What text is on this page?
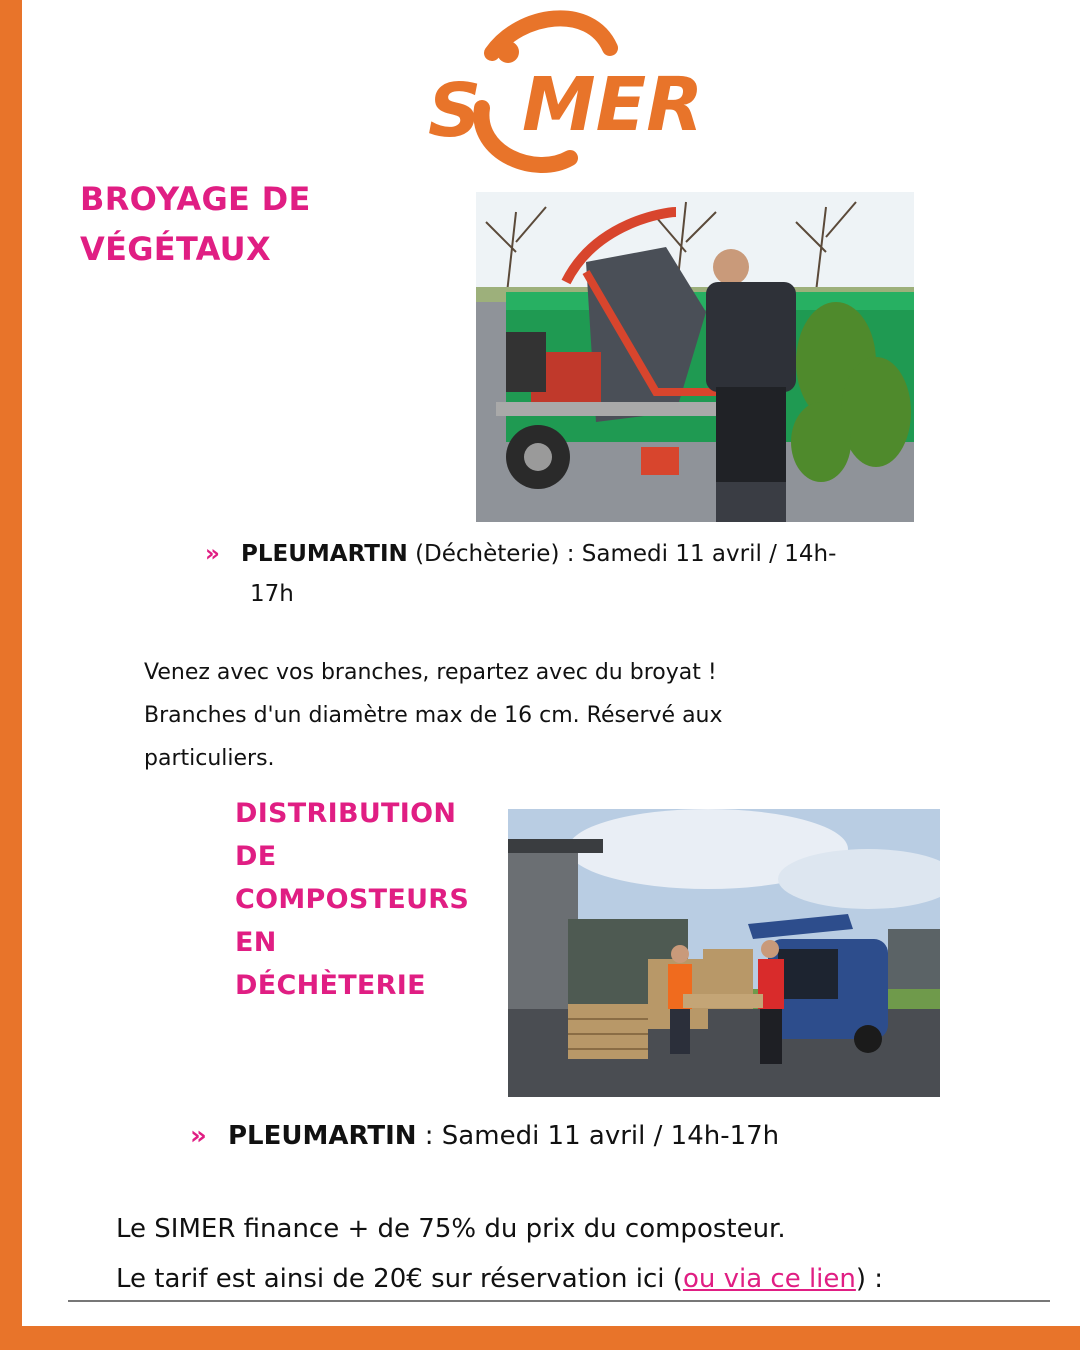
S MER
BROYAGE DE
VÉGÉTAUX
» PLEUMARTIN (Déchèterie) : Samedi 11 avril / 14h-
17h
Venez avec vos branches, repartez avec du broyat !
Branches d'un diamètre max de 16 cm. Réservé aux
particuliers.
DISTRIBUTION
DE
COMPOSTEURS
EN
DÉCHÈTERIE
» PLEUMARTIN : Samedi 11 avril / 14h-17h
Le SIMER finance + de 75% du prix du composteur.
Le tarif est ainsi de 20€ sur réservation ici (ou via ce lien) :
